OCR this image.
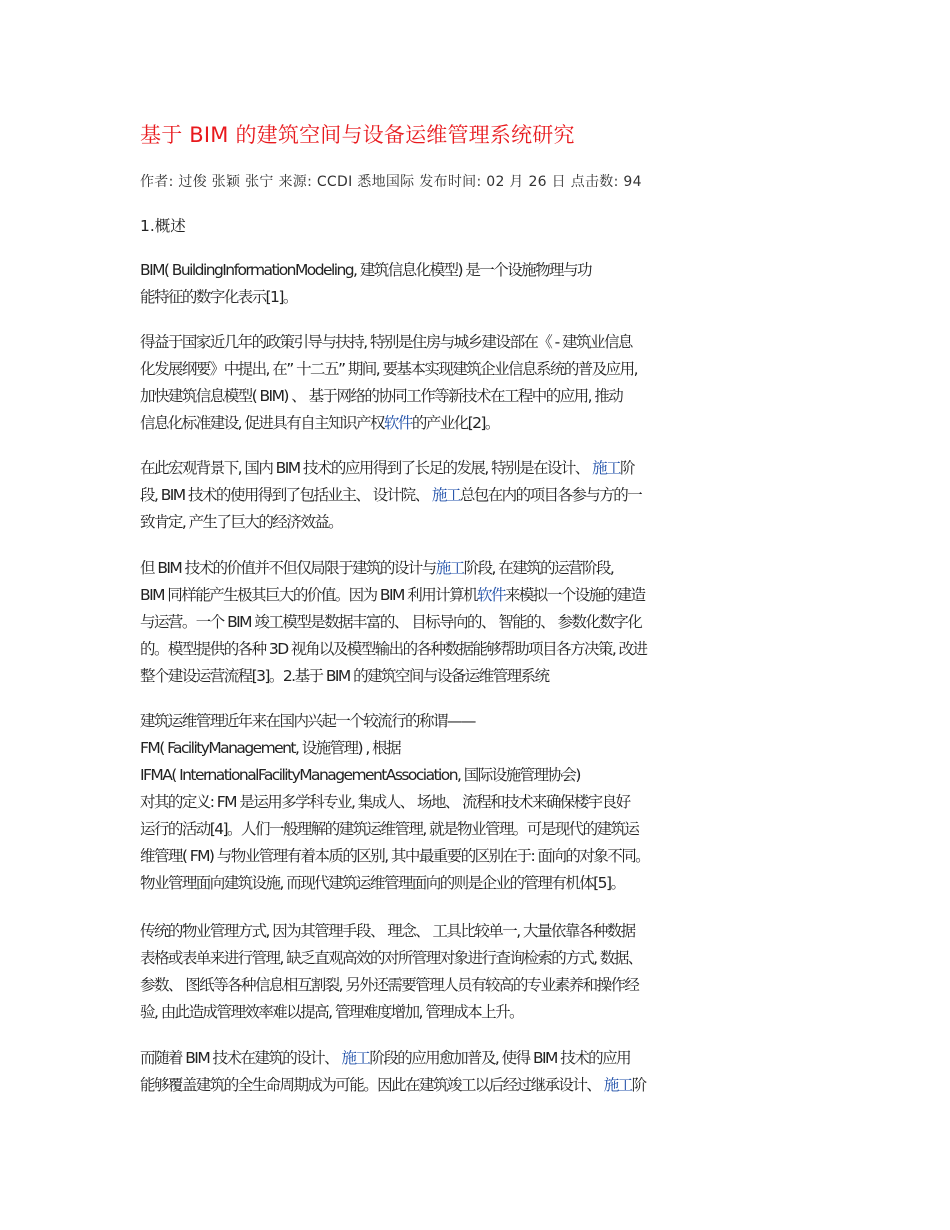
基于 BIM 的建筑空间与设备运维管理系统研究

作者: 过俊 张颖 张宁 来源: CCDI 悉地国际 发布时间: 02 月 26 日 点击数: 94

1.概述

BIM( BuildingInformationModeling, 建筑信息化模型) 是一个设施物理与功
能特征的数字化表示[1]。
得益于国家近几年的政策引导与扶持, 特别是住房与城乡建设部在《 - 建筑业信息
化发展纲要》中提出, 在” 十二五” 期间, 要基本实现建筑企业信息系统的普及应用,
加快建筑信息模型( BIM) 、 基于网络的协同工作等新技术在工程中的应用, 推动
信息化标准建设, 促进具有自主知识产权软件的产业化[2]。
在此宏观背景下, 国内 BIM 技术的应用得到了长足的发展, 特别是在设计、 施工阶
段, BIM 技术的使用得到了包括业主、 设计院、 施工总包在内的项目各参与方的一
致肯定, 产生了巨大的经济效益。
但 BIM 技术的价值并不但仅局限于建筑的设计与施工阶段, 在建筑的运营阶段,
BIM 同样能产生极其巨大的价值。因为 BIM 利用计算机软件来模拟一个设施的建造
与运营。一个 BIM 竣工模型是数据丰富的、 目标导向的、 智能的、 参数化数字化
的。模型提供的各种 3D 视角以及模型输出的各种数据能够帮助项目各方决策, 改进
整个建设运营流程[3]。2.基于 BIM 的建筑空间与设备运维管理系统
建筑运维管理近年来在国内兴起一个较流行的称谓——
FM( FacilityManagement, 设施管理) , 根据
IFMA( InternationalFacilityManagementAssociation, 国际设施管理协会)
对其的定义: FM 是运用多学科专业, 集成人、 场地、 流程和技术来确保楼宇良好
运行的活动[4]。人们一般理解的建筑运维管理, 就是物业管理。可是现代的建筑运
维管理( FM) 与物业管理有着本质的区别, 其中最重要的区别在于: 面向的对象不同。
物业管理面向建筑设施, 而现代建筑运维管理面向的则是企业的管理有机体[5]。
传统的物业管理方式, 因为其管理手段、 理念、 工具比较单一, 大量依靠各种数据
表格或表单来进行管理, 缺乏直观高效的对所管理对象进行查询检索的方式, 数据、
参数、 图纸等各种信息相互割裂, 另外还需要管理人员有较高的专业素养和操作经
验, 由此造成管理效率难以提高, 管理难度增加, 管理成本上升。
而随着 BIM 技术在建筑的设计、 施工阶段的应用愈加普及, 使得 BIM 技术的应用
能够覆盖建筑的全生命周期成为可能。因此在建筑竣工以后经过继承设计、 施工阶
